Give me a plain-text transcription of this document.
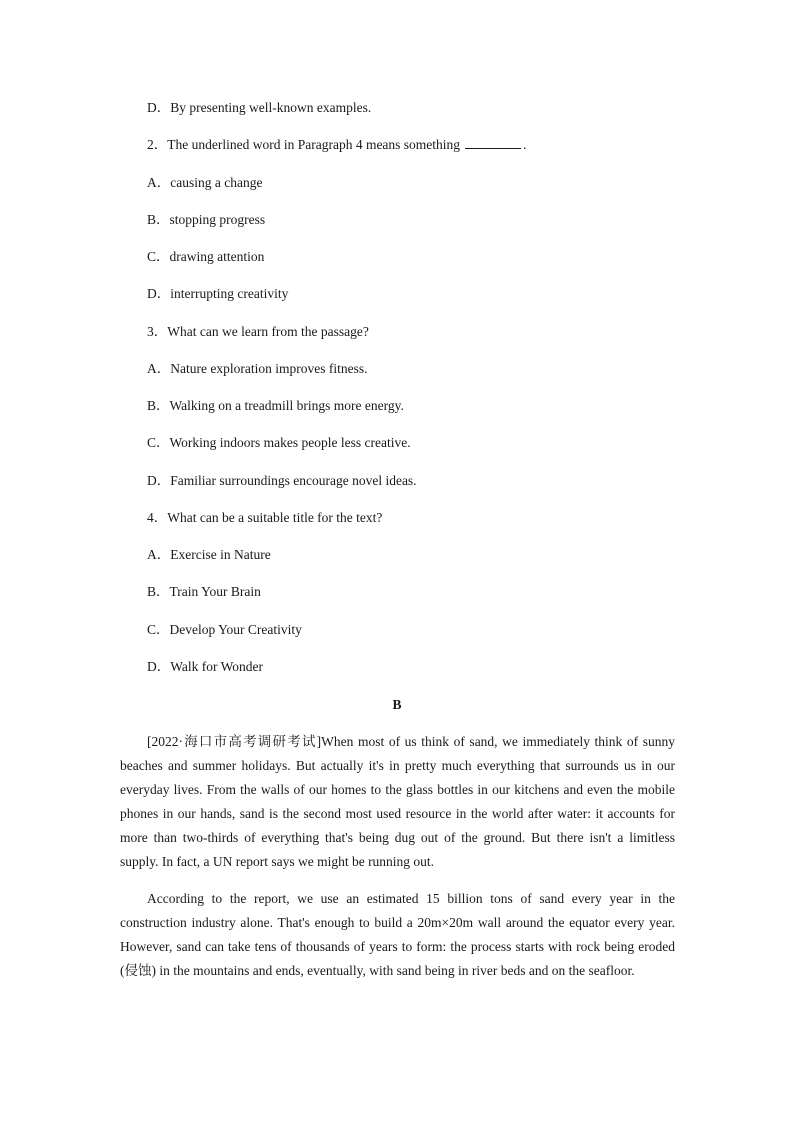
D．By presenting well-known examples.
2．The underlined word in Paragraph 4 means something	.
A．causing a change
B．stopping progress
C．drawing attention
D．interrupting creativity
3．What can we learn from the passage?
A．Nature exploration improves fitness.
B．Walking on a treadmill brings more energy.
C．Working indoors makes people less creative.
D．Familiar surroundings encourage novel ideas.
4．What can be a suitable title for the text?
A．Exercise in Nature
B．Train Your Brain
C．Develop Your Creativity
D．Walk for Wonder
B

[2022·海口市高考调研考试]When most of us think of sand, we immediately think of sunny beaches and summer holidays. But actually it's in pretty much everything that surrounds us in our everyday lives. From the walls of our homes to the glass bottles in our kitchens and even the mobile phones in our hands, sand is the second most used resource in the world after water: it accounts for more than two-thirds of everything that's being dug out of the ground. But there isn't a limitless supply. In fact, a UN report says we might be running out.

According to the report, we use an estimated 15 billion tons of sand every year in the construction industry alone. That's enough to build a 20m×20m wall around the equator every year. However, sand can take tens of thousands of years to form: the process starts with rock being eroded (侵蚀) in the mountains and ends, eventually, with sand being in river beds and on the seafloor.
